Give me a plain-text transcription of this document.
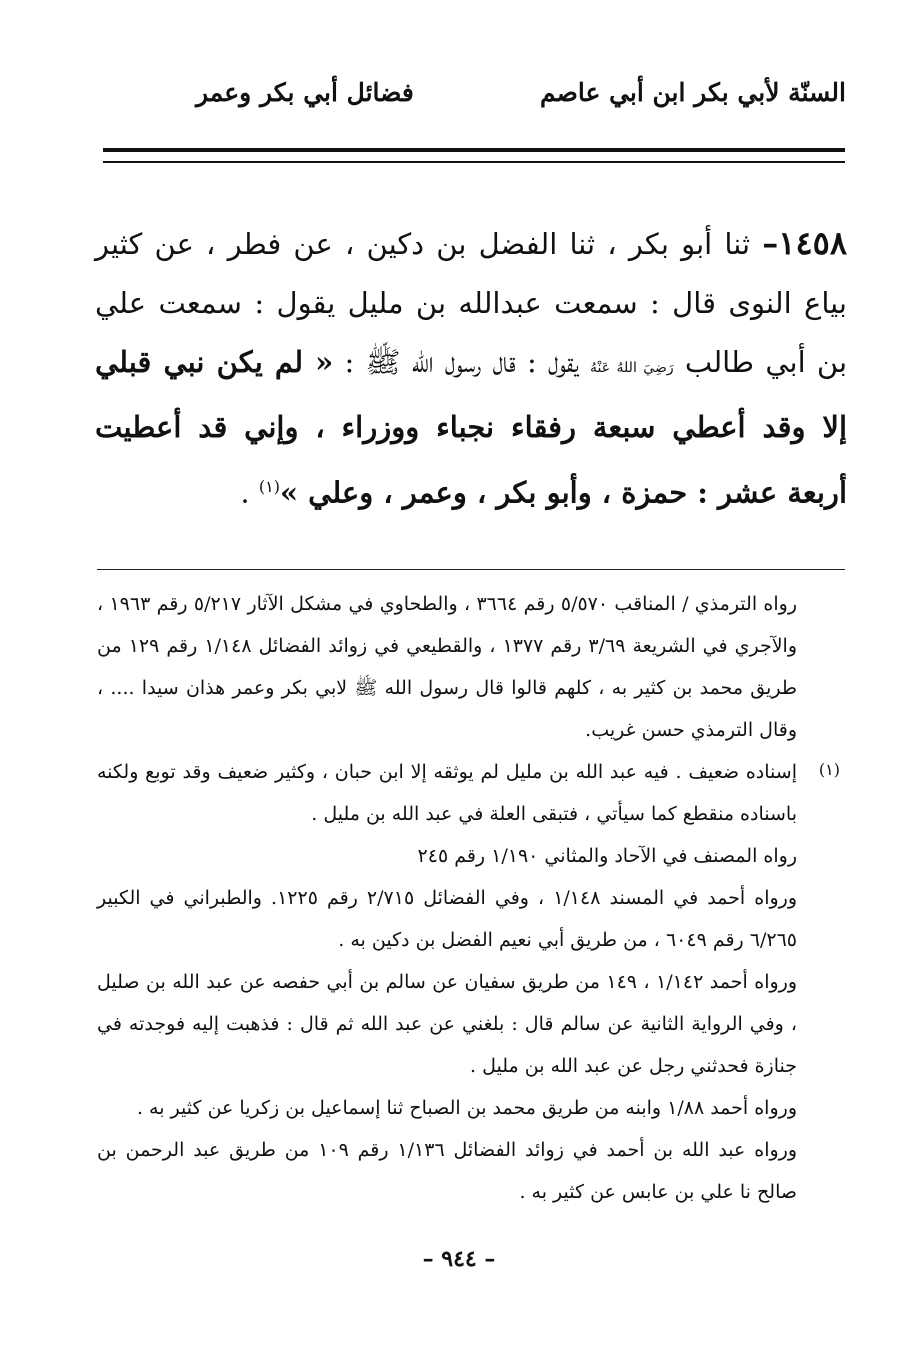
السنّة لأبي بكر ابن أبي عاصم
فضائل أبي بكر وعمر
١٤٥٨– ثنا أبو بكر ، ثنا الفضل بن دكين ، عن فطر ، عن كثير بياع النوى قال : سمعت عبدالله بن مليل يقول : سمعت علي بن أبي طالب رَضِيَ اللهُ عَنْهُ يقول : قال رسول الله ﷺ : « لم يكن نبي قبلي إلا وقد أعطي سبعة رفقاء نجباء ووزراء ، وإني قد أعطيت أربعة عشر : حمزة ، وأبو بكر ، وعمر ، وعلي »$^{(١)}$ .
(١)

رواه الترمذي / المناقب ٥/٥٧٠ رقم ٣٦٦٤ ، والطحاوي في مشكل الآثار ٥/٢١٧ رقم ١٩٦٣ ، والآجري في الشريعة ٣/٦٩ رقم ١٣٧٧ ، والقطيعي في زوائد الفضائل ١/١٤٨ رقم ١٢٩ من طريق محمد بن كثير به ، كلهم قالوا قال رسول الله ﷺ لابي بكر وعمر هذان سيدا .... ، وقال الترمذي حسن غريب.

إسناده ضعيف . فيه عبد الله بن مليل لم يوثقه إلا ابن حبان ، وكثير ضعيف وقد توبع ولكنه باسناده منقطع كما سيأتي ، فتبقى العلة في عبد الله بن مليل .

رواه المصنف في الآحاد والمثاني ١/١٩٠ رقم ٢٤٥

ورواه أحمد في المسند ١/١٤٨ ، وفي الفضائل ٢/٧١٥ رقم ١٢٢٥. والطبراني في الكبير ٦/٢٦٥ رقم ٦٠٤٩ ، من طريق أبي نعيم الفضل بن دكين به .

ورواه أحمد ١/١٤٢ ، ١٤٩ من طريق سفيان عن سالم بن أبي حفصه عن عبد الله بن صليل ، وفي الرواية الثانية عن سالم قال : بلغني عن عبد الله ثم قال : فذهبت إليه فوجدته في جنازة فحدثني رجل عن عبد الله بن مليل .

ورواه أحمد ١/٨٨ وابنه من طريق محمد بن الصباح ثنا إسماعيل بن زكريا عن كثير به .

ورواه عبد الله بن أحمد في زوائد الفضائل ١/١٣٦ رقم ١٠٩ من طريق عبد الرحمن بن صالح نا علي بن عابس عن كثير به .

– ٩٤٤ –
